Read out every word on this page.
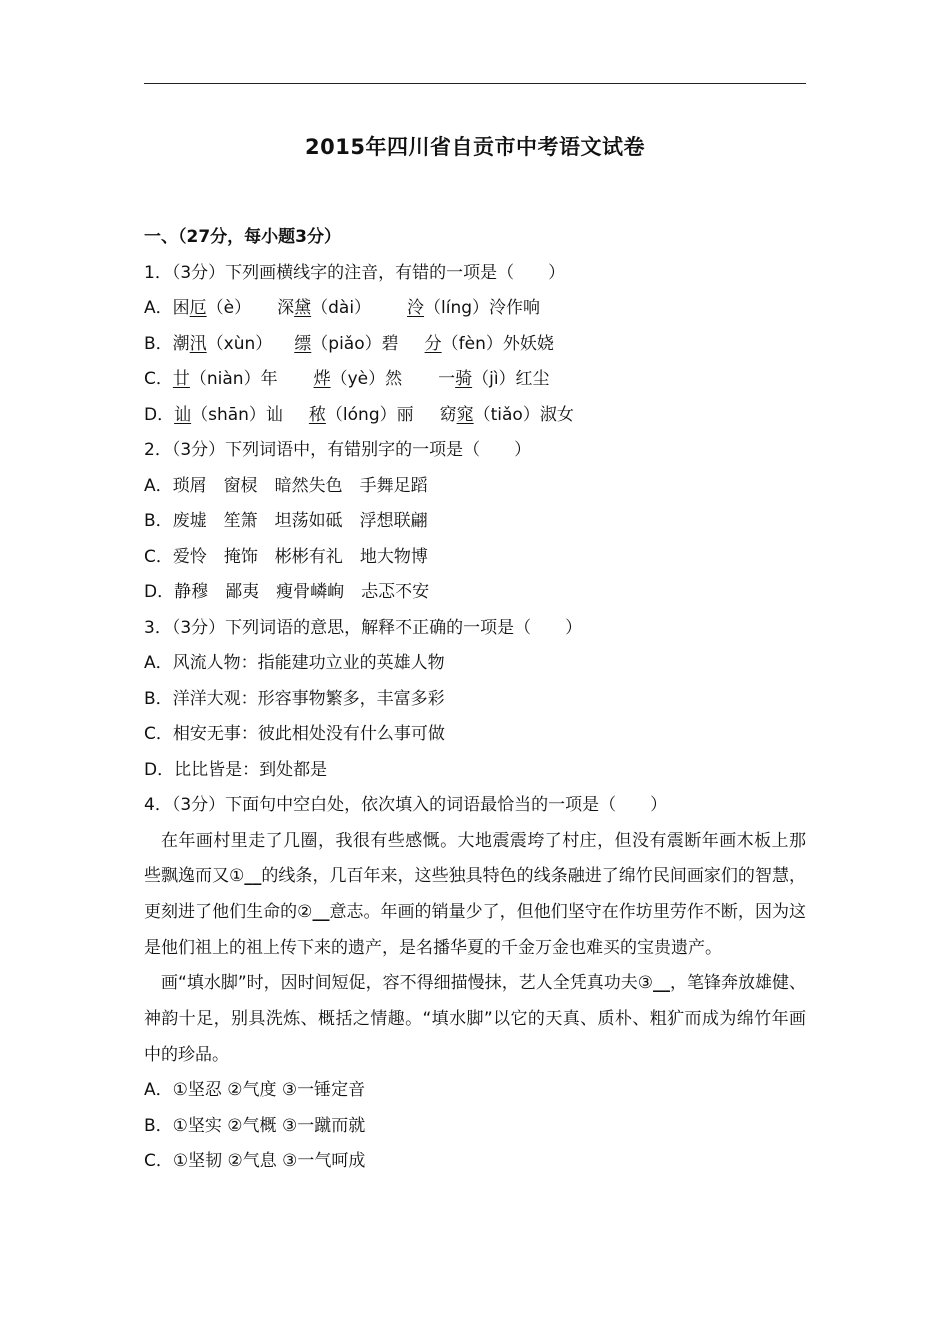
2015年四川省自贡市中考语文试卷
一、（27分，每小题3分）
1．（3分）下列画横线字的注音，有错的一项是（　　）
A．困厄（è） 深黛（dài） 泠（líng）泠作响
B．潮汛（xùn） 缥（piǎo）碧 分（fèn）外妖娆
C．廿（niàn）年 烨（yè）然 一骑（jì）红尘
D．讪（shān）讪 秾（lóng）丽 窈窕（tiǎo）淑女
2．（3分）下列词语中，有错别字的一项是（　　）
A．琐屑　窗棂　暗然失色　手舞足蹈
B．废墟　笙箫　坦荡如砥　浮想联翩
C．爱怜　掩饰　彬彬有礼　地大物博
D．静穆　鄙夷　瘦骨嶙峋　忐忑不安
3．（3分）下列词语的意思，解释不正确的一项是（　　）
A．风流人物：指能建功立业的英雄人物
B．洋洋大观：形容事物繁多，丰富多彩
C．相安无事：彼此相处没有什么事可做
D．比比皆是：到处都是
4．（3分）下面句中空白处，依次填入的词语最恰当的一项是（　　）
在年画村里走了几圈，我很有些感慨。大地震震垮了村庄，但没有震断年画木板上那些飘逸而又①__的线条，几百年来，这些独具特色的线条融进了绵竹民间画家们的智慧，更刻进了他们生命的②__意志。年画的销量少了，但他们坚守在作坊里劳作不断，因为这是他们祖上的祖上传下来的遗产，是名播华夏的千金万金也难买的宝贵遗产。
画“填水脚”时，因时间短促，容不得细描慢抹，艺人全凭真功夫③__，笔锋奔放雄健、神韵十足，别具洗炼、概括之情趣。“填水脚”以它的天真、质朴、粗犷而成为绵竹年画中的珍品。
A．①坚忍 ②气度 ③一锤定音
B．①坚实 ②气概 ③一蹴而就
C．①坚韧 ②气息 ③一气呵成
